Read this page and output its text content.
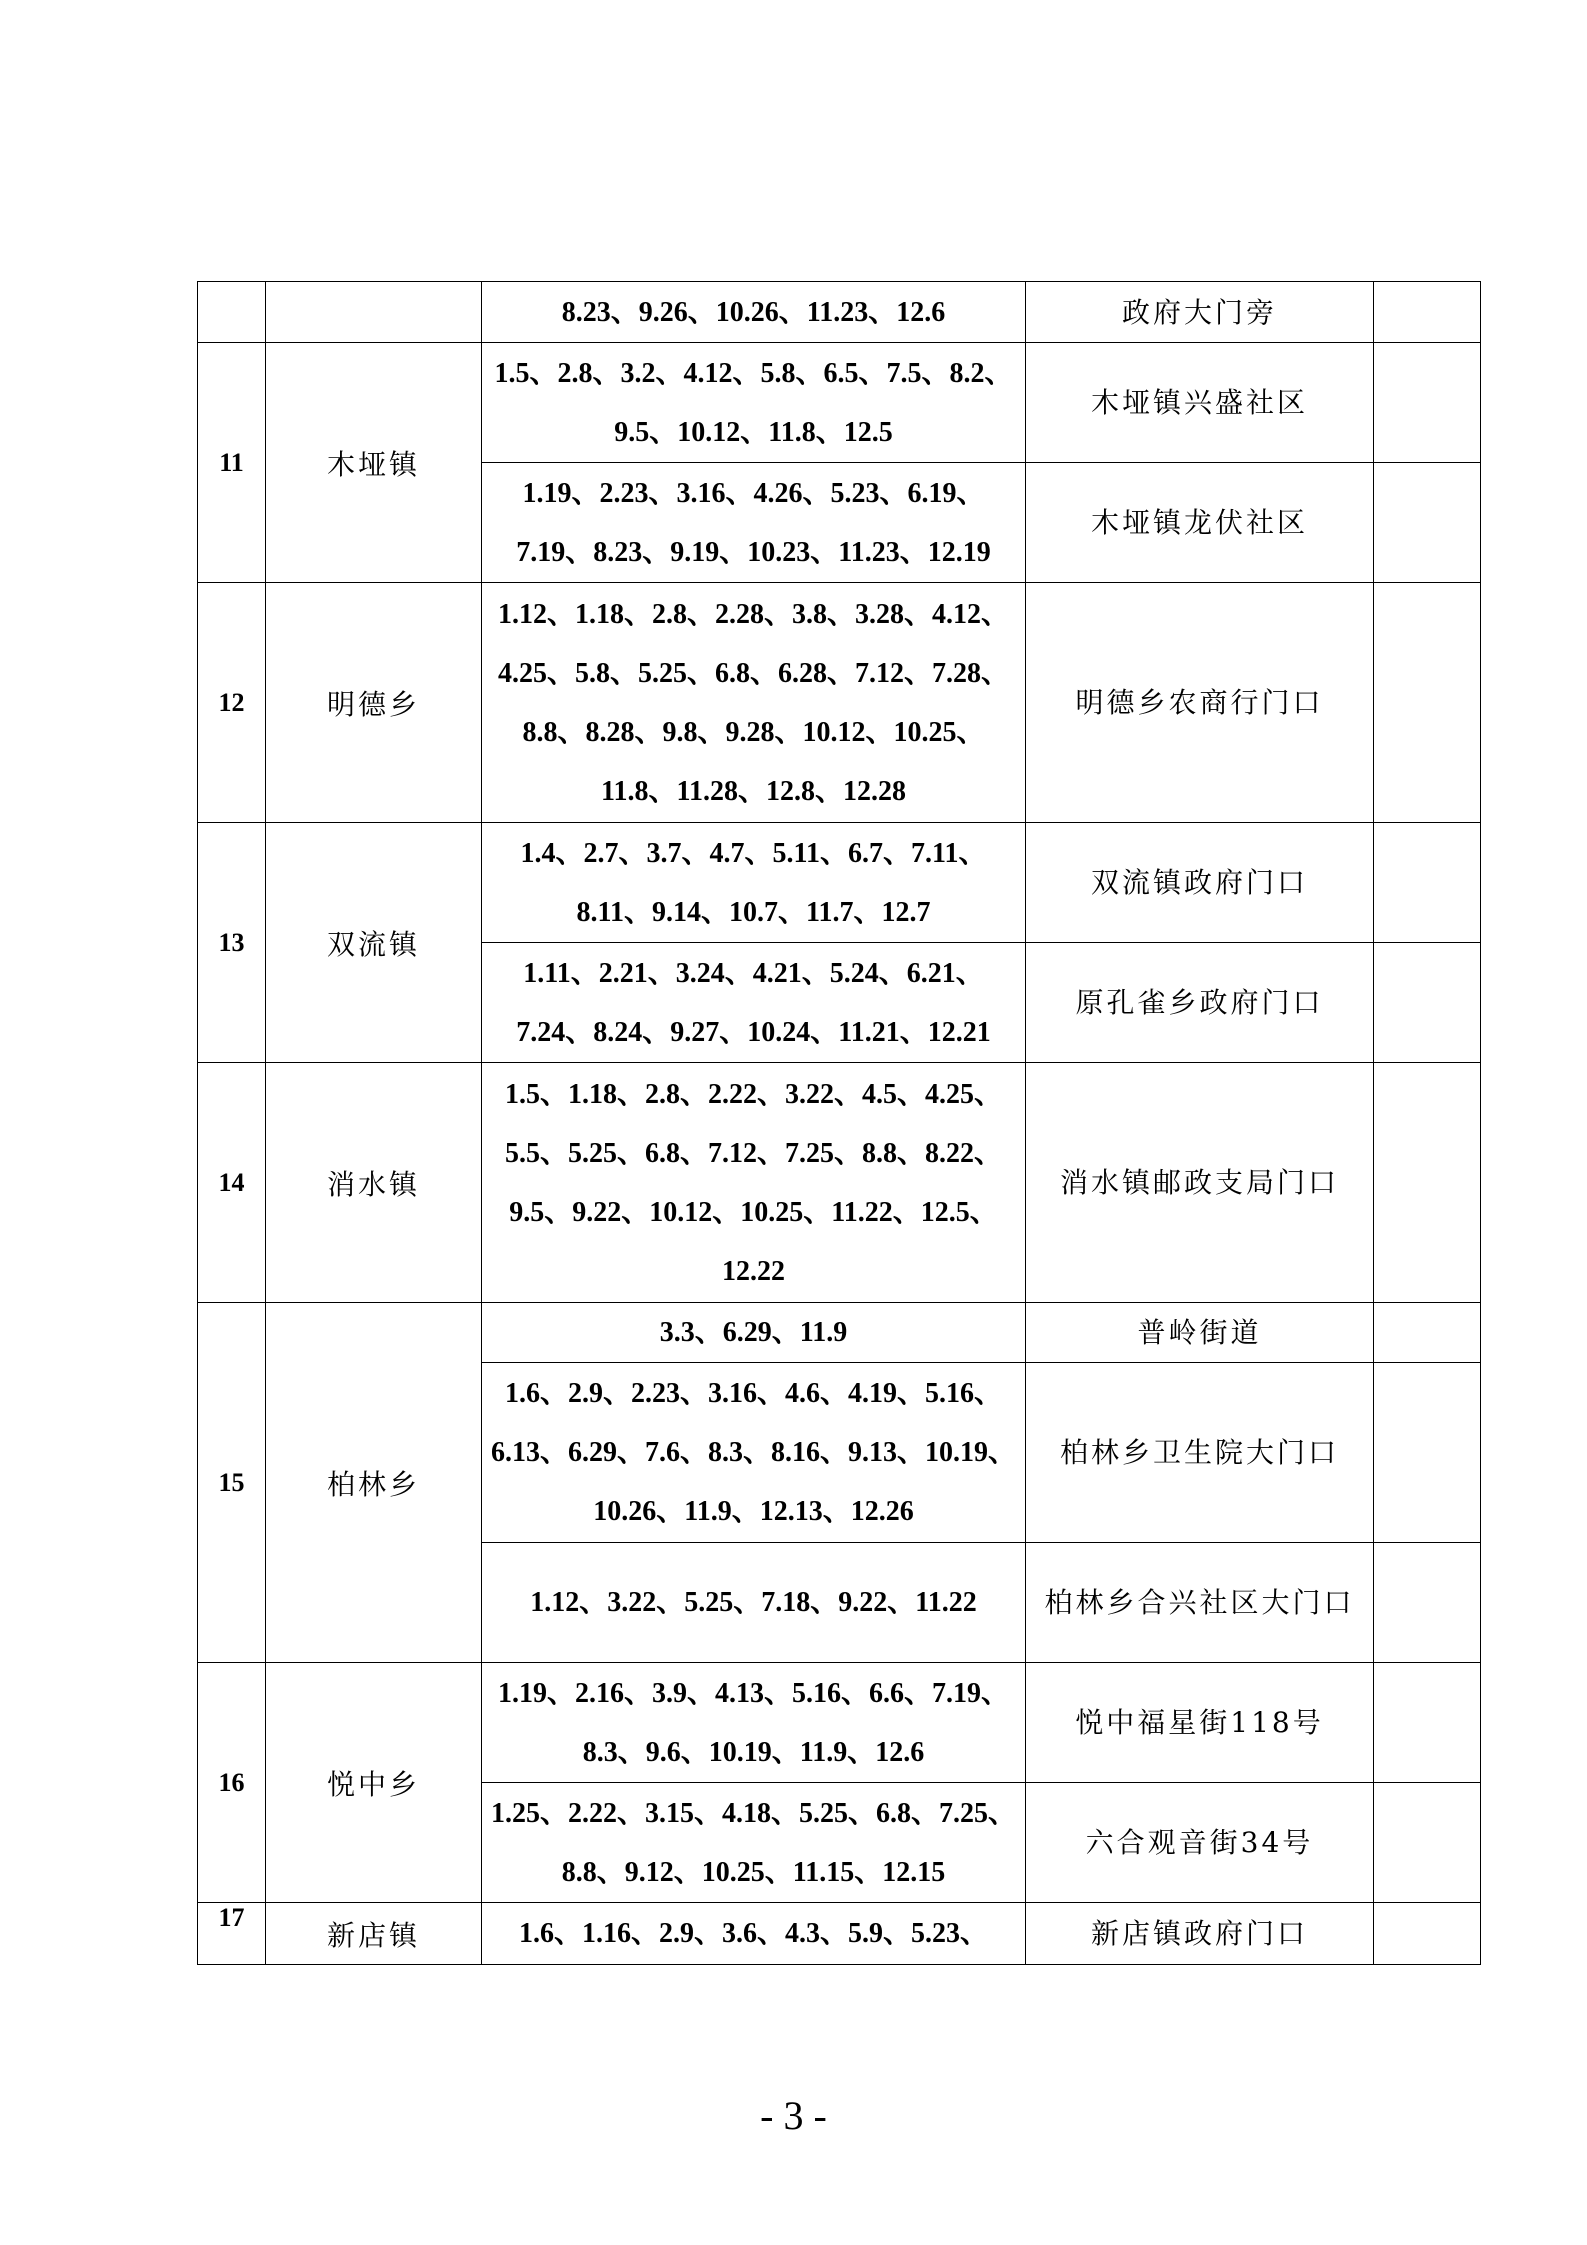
		8.23、9.26、10.26、11.23、12.6	政府大门旁	
11	木垭镇	1.5、2.8、3.2、4.12、5.8、6.5、7.5、8.2、9.5、10.12、11.8、12.5	木垭镇兴盛社区	
		1.19、2.23、3.16、4.26、5.23、6.19、7.19、8.23、9.19、10.23、11.23、12.19	木垭镇龙伏社区	
12	明德乡	1.12、1.18、2.8、2.28、3.8、3.28、4.12、4.25、5.8、5.25、6.8、6.28、7.12、7.28、8.8、8.28、9.8、9.28、10.12、10.25、11.8、11.28、12.8、12.28	明德乡农商行门口	
13	双流镇	1.4、2.7、3.7、4.7、5.11、6.7、7.11、8.11、9.14、10.7、11.7、12.7	双流镇政府门口	
		1.11、2.21、3.24、4.21、5.24、6.21、7.24、8.24、9.27、10.24、11.21、12.21	原孔雀乡政府门口	
14	消水镇	1.5、1.18、2.8、2.22、3.22、4.5、4.25、5.5、5.25、6.8、7.12、7.25、8.8、8.22、9.5、9.22、10.12、10.25、11.22、12.5、12.22	消水镇邮政支局门口	
15	柏林乡	3.3、6.29、11.9	普岭街道	
		1.6、2.9、2.23、3.16、4.6、4.19、5.16、6.13、6.29、7.6、8.3、8.16、9.13、10.19、10.26、11.9、12.13、12.26	柏林乡卫生院大门口	
		1.12、3.22、5.25、7.18、9.22、11.22	柏林乡合兴社区大门口	
16	悦中乡	1.19、2.16、3.9、4.13、5.16、6.6、7.19、8.3、9.6、10.19、11.9、12.6	悦中福星街118号	
		1.25、2.22、3.15、4.18、5.25、6.8、7.25、8.8、9.12、10.25、11.15、12.15	六合观音街34号	
17	新店镇	1.6、1.16、2.9、3.6、4.3、5.9、5.23、	新店镇政府门口	
- 3 -
